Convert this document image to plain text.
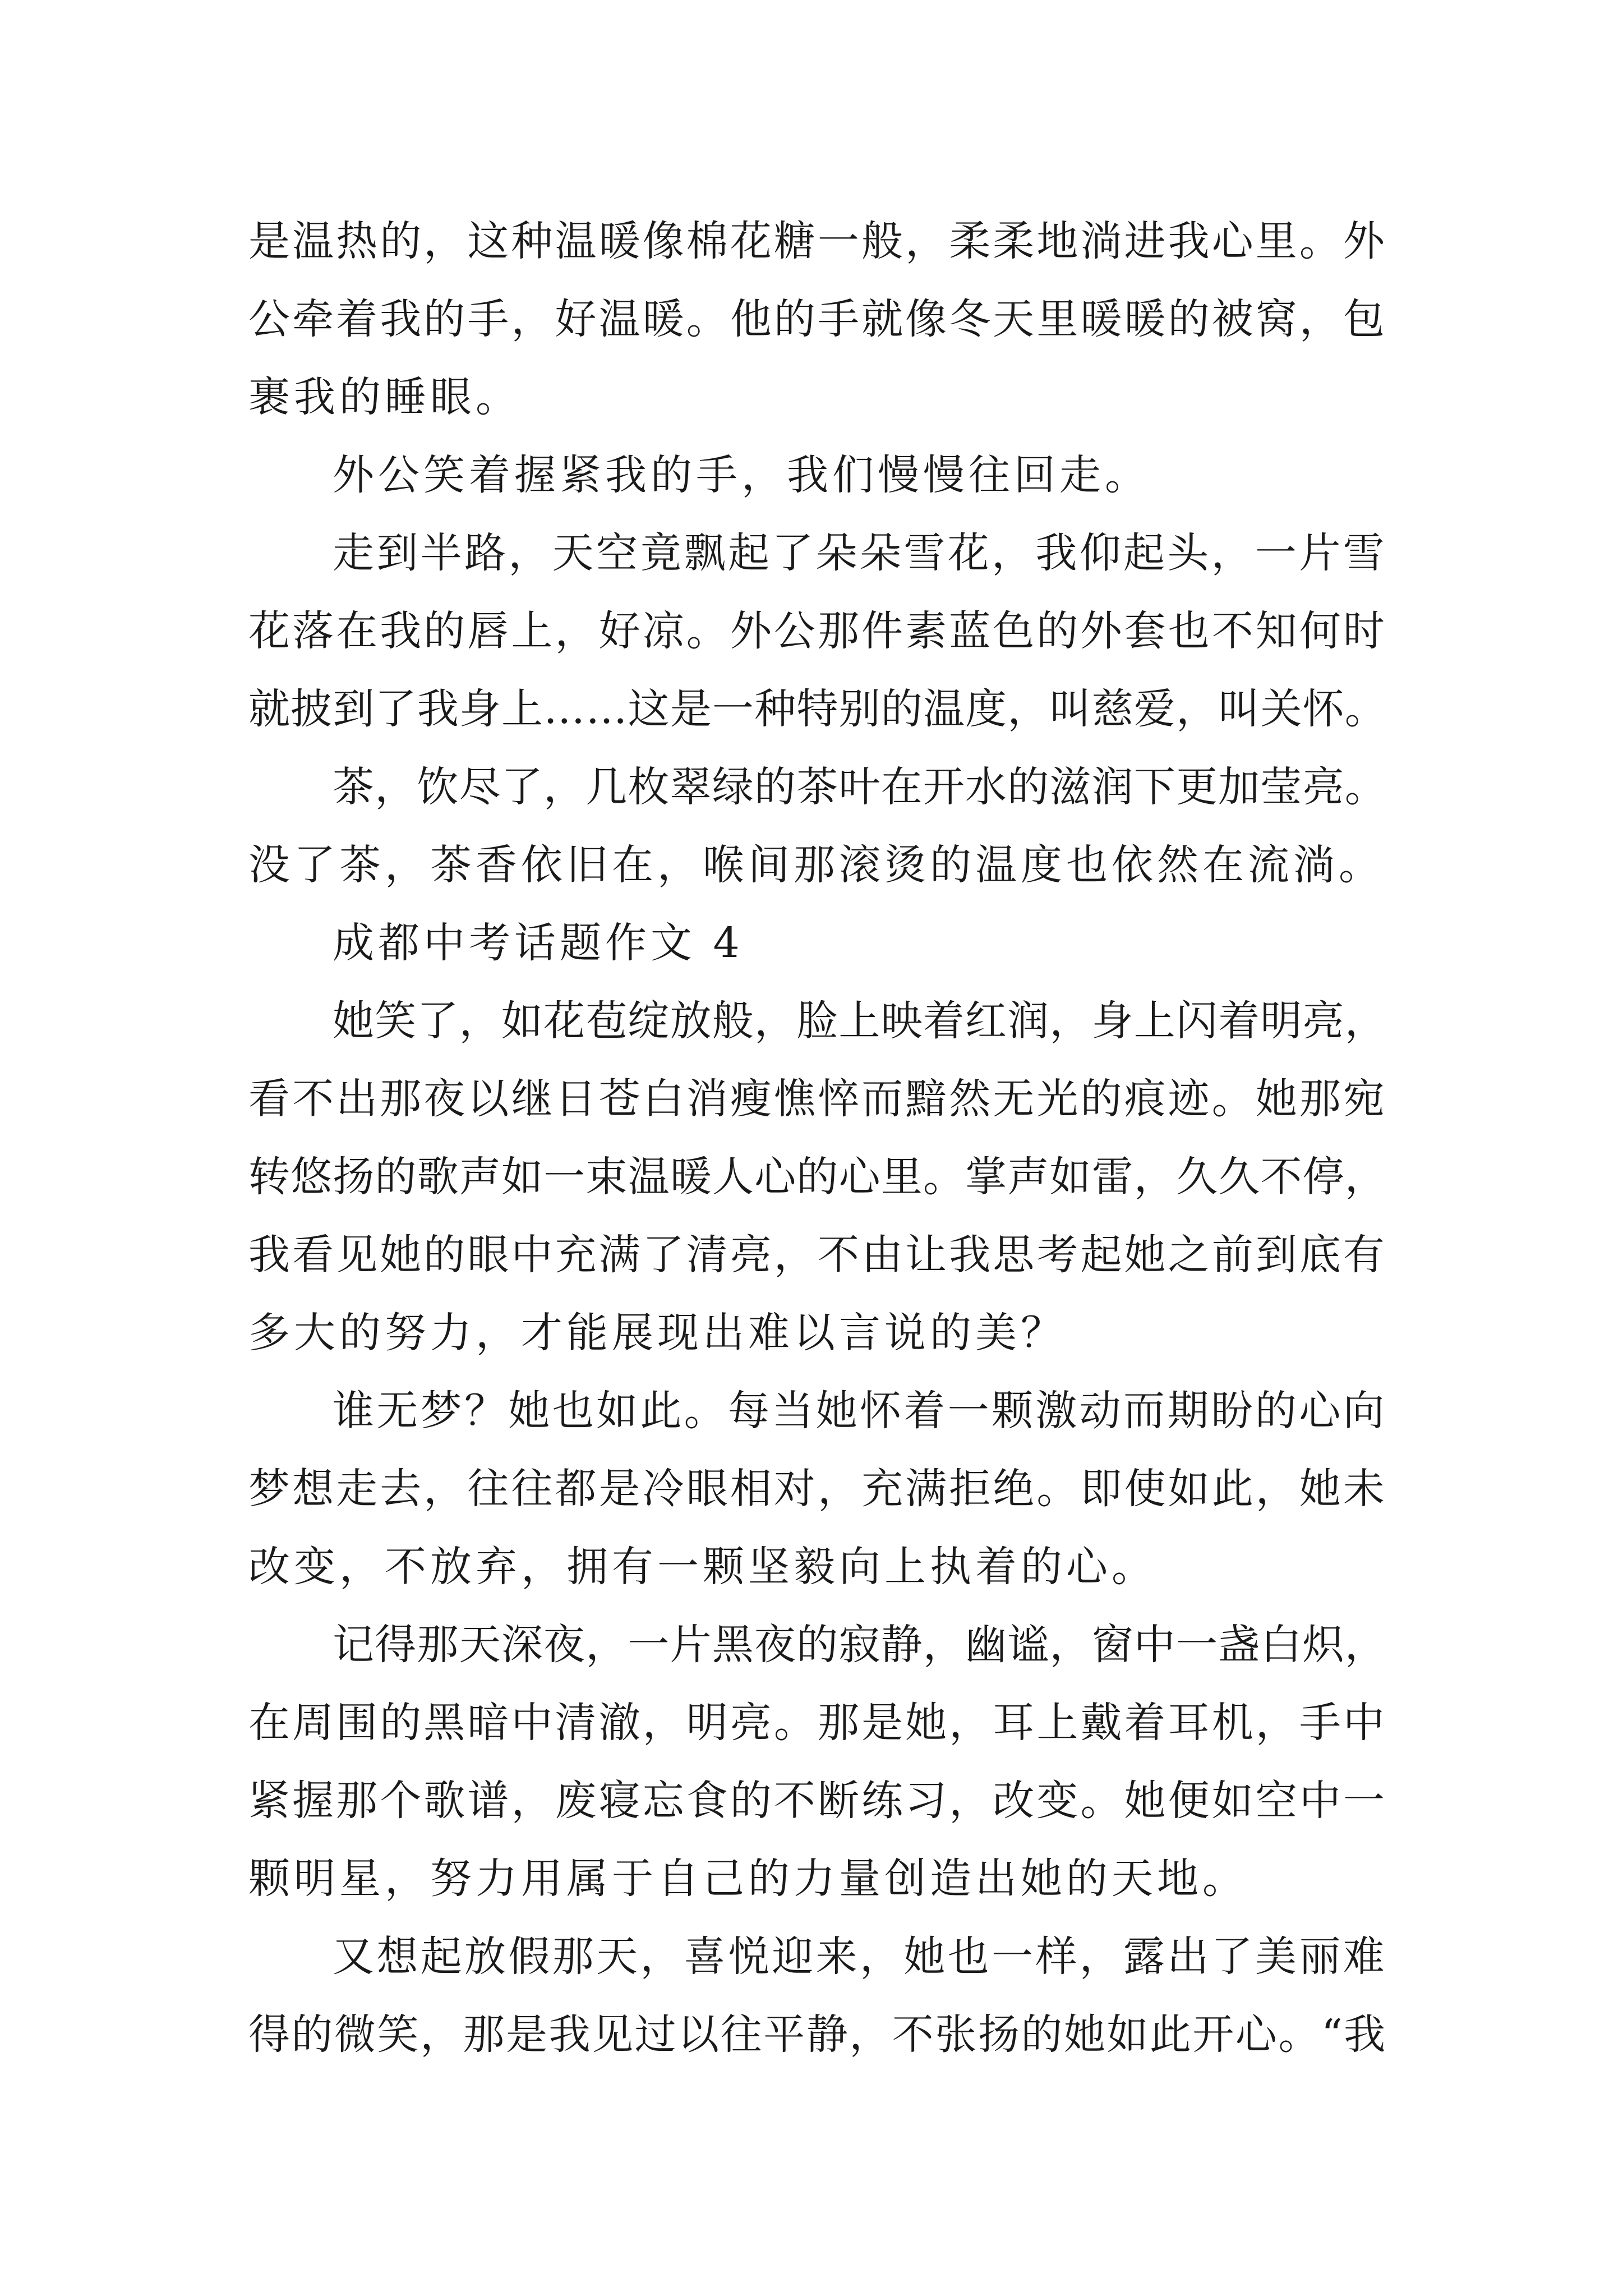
是温热的，这种温暖像棉花糖一般，柔柔地淌进我心里。外
公牵着我的手，好温暖。他的手就像冬天里暖暖的被窝，包
裹我的睡眼。
外公笑着握紧我的手，我们慢慢往回走。
走到半路，天空竟飘起了朵朵雪花，我仰起头，一片雪
花落在我的唇上，好凉。外公那件素蓝色的外套也不知何时
就披到了我身上……这是一种特别的温度，叫慈爱，叫关怀。
茶，饮尽了，几枚翠绿的茶叶在开水的滋润下更加莹亮。
没了茶，茶香依旧在，喉间那滚烫的温度也依然在流淌。
成都中考话题作文 4
她笑了，如花苞绽放般，脸上映着红润，身上闪着明亮，
看不出那夜以继日苍白消瘦憔悴而黯然无光的痕迹。她那宛
转悠扬的歌声如一束温暖人心的心里。掌声如雷，久久不停，
我看见她的眼中充满了清亮，不由让我思考起她之前到底有
多大的努力，才能展现出难以言说的美？
谁无梦？她也如此。每当她怀着一颗激动而期盼的心向
梦想走去，往往都是冷眼相对，充满拒绝。即使如此，她未
改变，不放弃，拥有一颗坚毅向上执着的心。
记得那天深夜，一片黑夜的寂静，幽谧，窗中一盏白炽，
在周围的黑暗中清澈，明亮。那是她，耳上戴着耳机，手中
紧握那个歌谱，废寝忘食的不断练习，改变。她便如空中一
颗明星，努力用属于自己的力量创造出她的天地。
又想起放假那天，喜悦迎来，她也一样，露出了美丽难
得的微笑，那是我见过以往平静，不张扬的她如此开心。“我
